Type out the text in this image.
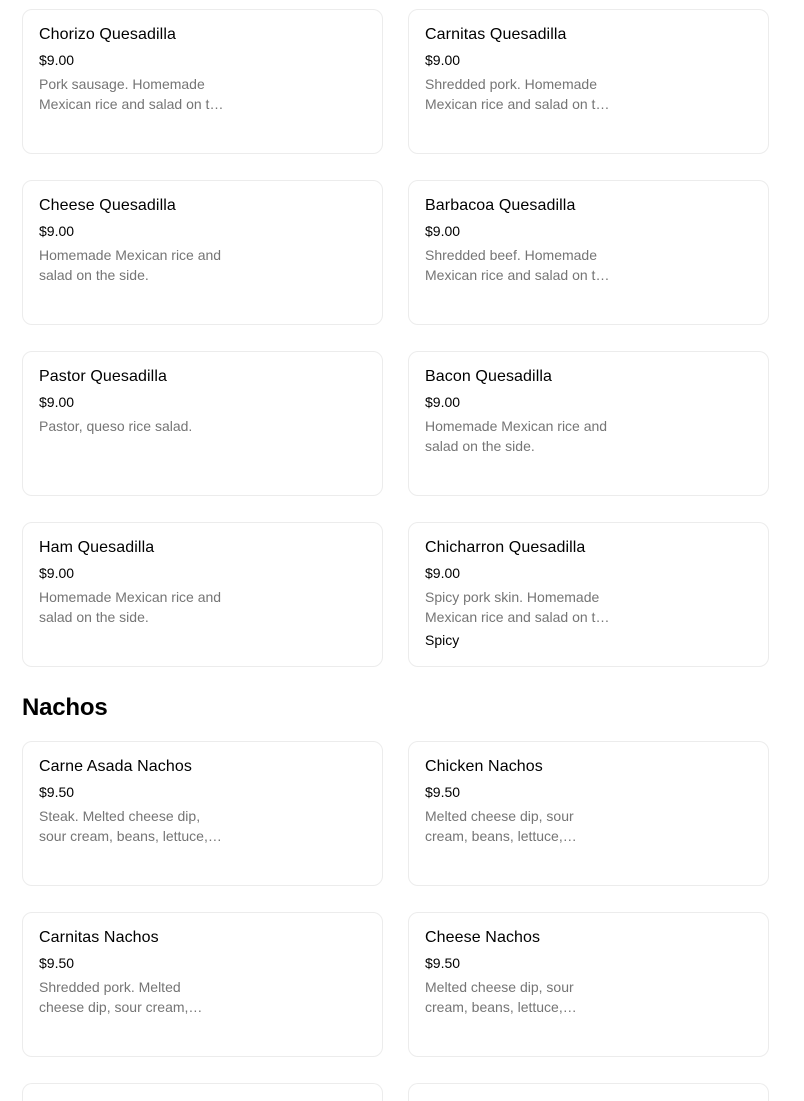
Chorizo Quesadilla
$9.00
Pork sausage. Homemade Mexican rice and salad on the
Carnitas Quesadilla
$9.00
Shredded pork. Homemade Mexican rice and salad on the
Cheese Quesadilla
$9.00
Homemade Mexican rice and salad on the side.
Barbacoa Quesadilla
$9.00
Shredded beef. Homemade Mexican rice and salad on the
Pastor Quesadilla
$9.00
Pastor, queso rice salad.
Bacon Quesadilla
$9.00
Homemade Mexican rice and salad on the side.
Ham Quesadilla
$9.00
Homemade Mexican rice and salad on the side.
Chicharron Quesadilla
$9.00
Spicy pork skin. Homemade Mexican rice and salad on the
Spicy
Nachos
Carne Asada Nachos
$9.50
Steak. Melted cheese dip, sour cream, beans, lettuce,
Chicken Nachos
$9.50
Melted cheese dip, sour cream, beans, lettuce,
Carnitas Nachos
$9.50
Shredded pork. Melted cheese dip, sour cream,
Cheese Nachos
$9.50
Melted cheese dip, sour cream, beans, lettuce,
